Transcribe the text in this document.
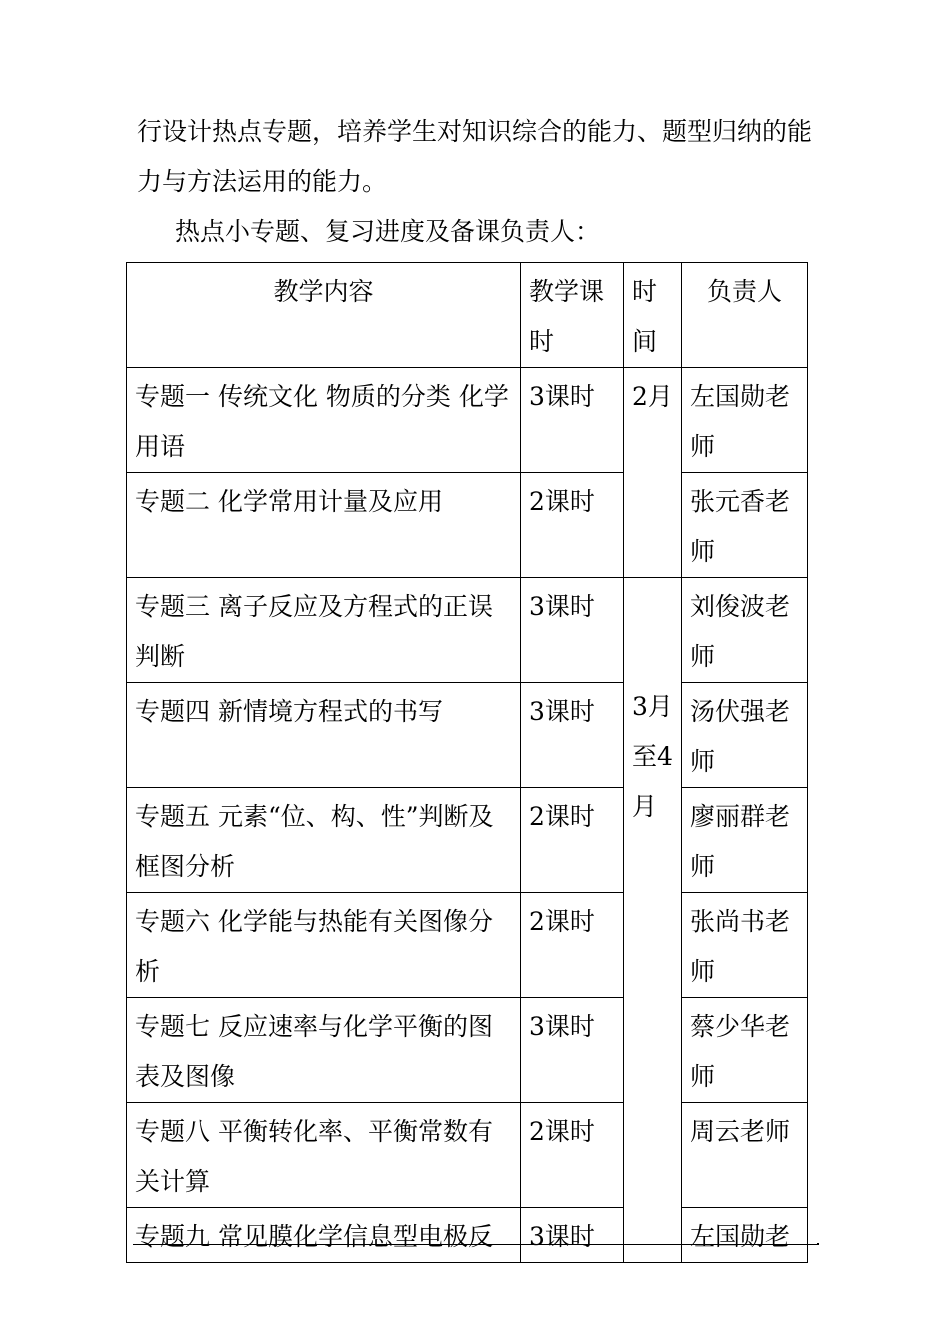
行设计热点专题，培养学生对知识综合的能力、题型归纳的能

力与方法运用的能力。

热点小专题、复习进度及备课负责人：

教学内容	教学课时	时间	负责人
专题一 传统文化 物质的分类 化学用语	3课时	2月	左国勋老师
专题二 化学常用计量及应用	2课时		张元香老师
专题三 离子反应及方程式的正误判断	3课时	3月至4月	刘俊波老师
专题四 新情境方程式的书写	3课时		汤伏强老师
专题五 元素“位、构、性”判断及框图分析	2课时		廖丽群老师
专题六 化学能与热能有关图像分析	2课时		张尚书老师
专题七 反应速率与化学平衡的图表及图像	3课时		蔡少华老师
专题八 平衡转化率、平衡常数有关计算	2课时		周云老师
专题九 常见膜化学信息型电极反	3课时		左国勋老
